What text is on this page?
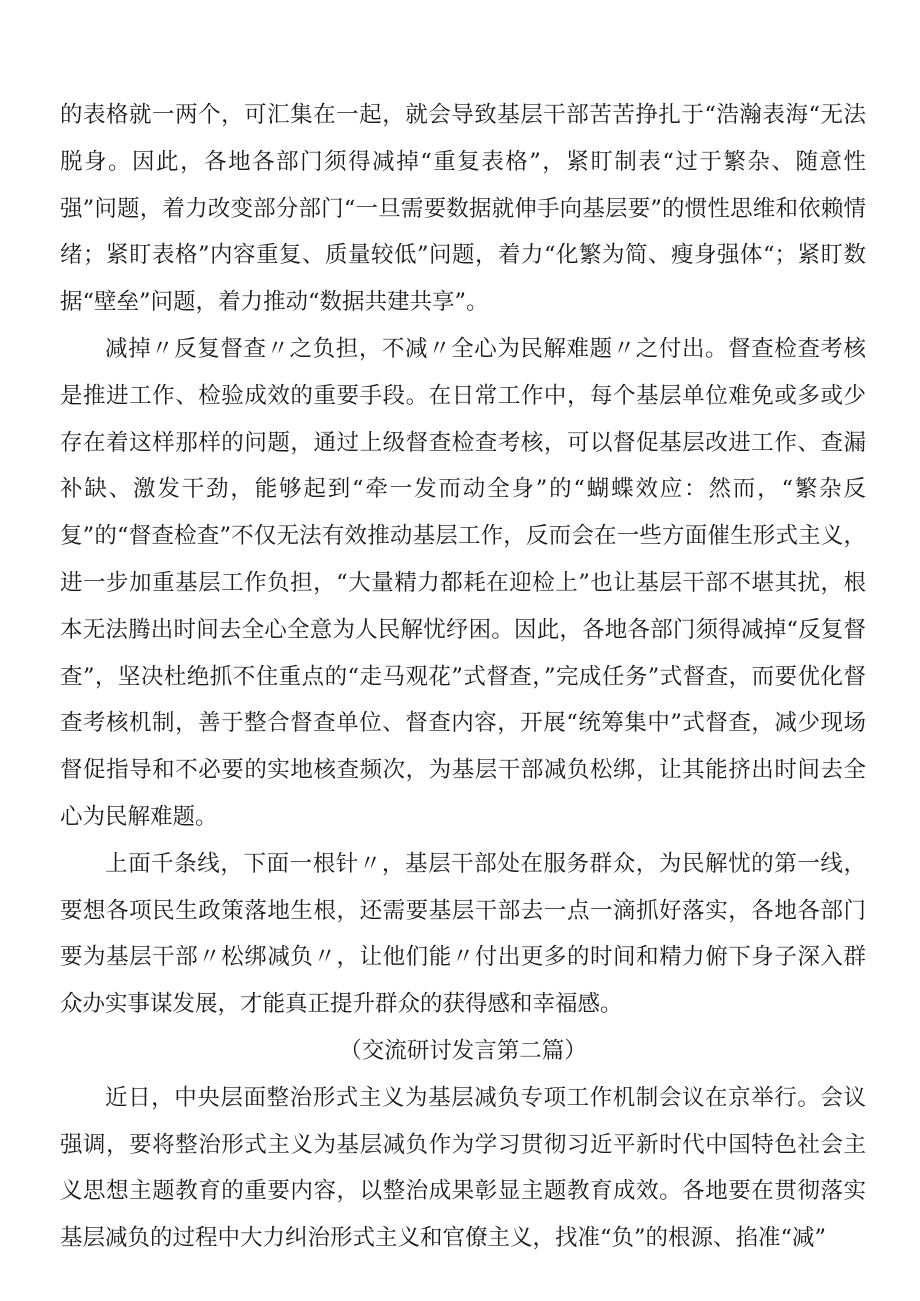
的表格就一两个，可汇集在一起，就会导致基层干部苦苦挣扎于“浩瀚表海“无法脱身。因此，各地各部门须得减掉“重复表格”，紧盯制表“过于繁杂、随意性强”问题，着力改变部分部门“一旦需要数据就伸手向基层要”的惯性思维和依赖情绪；紧盯表格”内容重复、质量较低”问题，着力“化繁为简、瘦身强体“；紧盯数据“壁垒”问题，着力推动“数据共建共享”。

减掉〃反复督查〃之负担，不减〃全心为民解难题〃之付出。督查检查考核是推进工作、检验成效的重要手段。在日常工作中，每个基层单位难免或多或少存在着这样那样的问题，通过上级督查检查考核，可以督促基层改进工作、查漏补缺、激发干劲，能够起到“牵一发而动全身”的“蝴蝶效应：然而，“繁杂反复”的“督查检查”不仅无法有效推动基层工作，反而会在一些方面催生形式主义，进一步加重基层工作负担，“大量精力都耗在迎检上”也让基层干部不堪其扰，根本无法腾出时间去全心全意为人民解忧纾困。因此，各地各部门须得减掉“反复督查”，坚决杜绝抓不住重点的“走马观花”式督查，”完成任务”式督查，而要优化督查考核机制，善于整合督查单位、督查内容，开展“统筹集中”式督查，减少现场督促指导和不必要的实地核查频次，为基层干部减负松绑，让其能挤出时间去全心为民解难题。

上面千条线，下面一根针〃，基层干部处在服务群众，为民解忧的第一线，要想各项民生政策落地生根，还需要基层干部去一点一滴抓好落实，各地各部门要为基层干部〃松绑减负〃，让他们能〃付出更多的时间和精力俯下身子深入群众办实事谋发展，才能真正提升群众的获得感和幸福感。

（交流研讨发言第二篇）

近日，中央层面整治形式主义为基层减负专项工作机制会议在京举行。会议强调，要将整治形式主义为基层减负作为学习贯彻习近平新时代中国特色社会主义思想主题教育的重要内容，以整治成果彰显主题教育成效。各地要在贯彻落实基层减负的过程中大力纠治形式主义和官僚主义，找准“负”的根源、掐准“减”
